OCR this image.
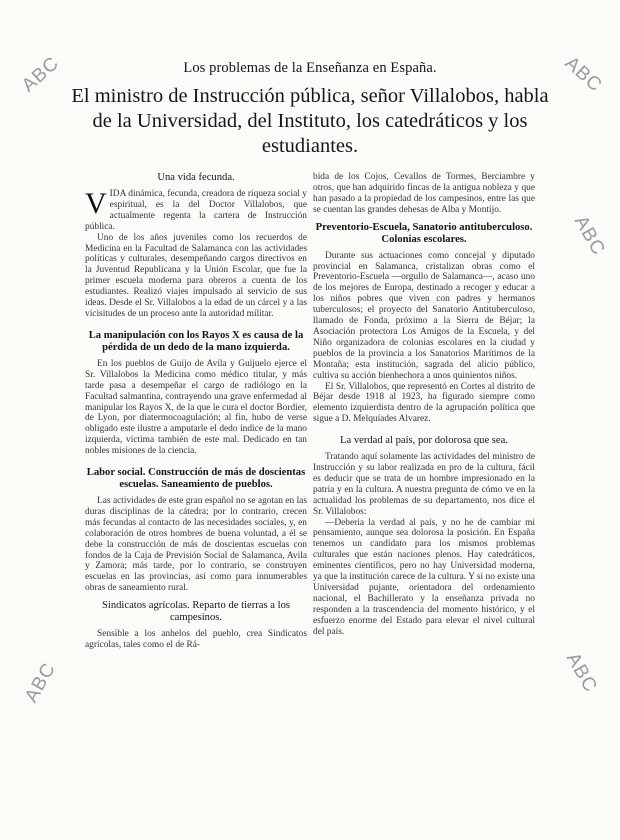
ABC	ABC
ABC
ABC	ABC
Los problemas de la Enseñanza en España.
El ministro de Instrucción pública, señor Villalobos, habla de la Universidad, del Instituto, los catedráticos y los estudiantes.
Una vida fecunda.

VIDA dinámica, fecunda, creadora de riqueza social y espiritual, es la del Doctor Villalobos, que actualmente regenta la cartera de Instrucción pública.

Uno de los años juveniles como los recuerdos de Medicina en la Facultad de Salamanca con las actividades políticas y culturales, desempeñando cargos directivos en la Juventud Republicana y la Unión Escolar, que fue la primer escuela moderna para obreros a cuenta de los estudiantes. Realizó viajes impulsado al servicio de sus ideas. Desde el Sr. Villalobos a la edad de un cárcel y a las vicisitudes de un proceso ante la autoridad militar.

La manipulación con los Rayos X es causa de la pérdida de un dedo de la mano izquierda.

En los pueblos de Guijo de Avila y Guijuelo ejerce el Sr. Villalobos la Medicina como médico titular, y más tarde pasa a desempeñar el cargo de radiólogo en la Facultad salmantina, contrayendo una grave enfermedad al manipular los Rayos X, de la que le cura el doctor Bordier, de Lyon, por diatermocoagulación; al fin, hubo de verse obligado este ilustre a amputarle el dedo índice de la mano izquierda, víctima también de este mal. Dedicado en tan nobles misiones de la ciencia.

Labor social. Construcción de más de doscientas escuelas. Saneamiento de pueblos.

Las actividades de este gran español no se agotan en las duras disciplinas de la cátedra; por lo contrario, crecen más fecundas al contacto de las necesidades sociales, y, en colaboración de otros hombres de buena voluntad, a él se debe la construcción de más de doscientas escuelas con fondos de la Caja de Previsión Social de Salamanca, Avila y Zamora; más tarde, por lo contrario, se construyen escuelas en las provincias, así como para innumerables obras de saneamiento rural.

Sindicatos agrícolas. Reparto de tierras a los campesinos.

Sensible a los anhelos del pueblo, crea Sindicatos agrícolas, tales como el de Rá-

bida de los Cojos, Cevallos de Tormes, Berciambre y otros, que han adquirido fincas de la antigua nobleza y que han pasado a la propiedad de los campesinos, entre las que se cuentan las grandes dehesas de Alba y Montijo.

Preventorio-Escuela, Sanatorio antituberculoso. Colonias escolares.

Durante sus actuaciones como concejal y diputado provincial en Salamanca, cristalizan obras como el Preventorio-Escuela —orgullo de Salamanca—, acaso uno de los mejores de Europa, destinado a recoger y educar a los niños pobres que viven con padres y hermanos tuberculosos; el proyecto del Sanatorio Antituberculoso, llamado de Fonda, próximo a la Sierra de Béjar; la Asociación protectora Los Amigos de la Escuela, y del Niño organizadora de colonias escolares en la ciudad y pueblos de la provincia a los Sanatorios Marítimos de la Montaña; esta institución, sagrada del alicio público, cultiva su acción bienhechora a unos quinientos niños.

El Sr. Villalobos, que representó en Cortes al distrito de Béjar desde 1918 al 1923, ha figurado siempre como elemento izquierdista dentro de la agrupación política que sigue a D. Melquíades Alvarez.

La verdad al país, por dolorosa que sea.

Tratando aquí solamente las actividades del ministro de Instrucción y su labor realizada en pro de la cultura, fácil es deducir que se trata de un hombre impresionado en la patria y en la cultura. A nuestra pregunta de cómo ve en la actualidad los problemas de su departamento, nos dice el Sr. Villalobos:

—Deberia la verdad al país, y no he de cambiar mi pensamiento, aunque sea dolorosa la posición. En España tenemos un candidato para los mismos problemas culturales que están naciones plenos. Hay catedráticos, eminentes científicos, pero no hay Universidad moderna, ya que la institución carece de la cultura. Y si no existe una Universidad pujante, orientadora del ordenamiento nacional, el Bachillerato y la enseñanza privada no responden a la trascendencia del momento histórico, y el esfuerzo enorme del Estado para elevar el nivel cultural del país.
